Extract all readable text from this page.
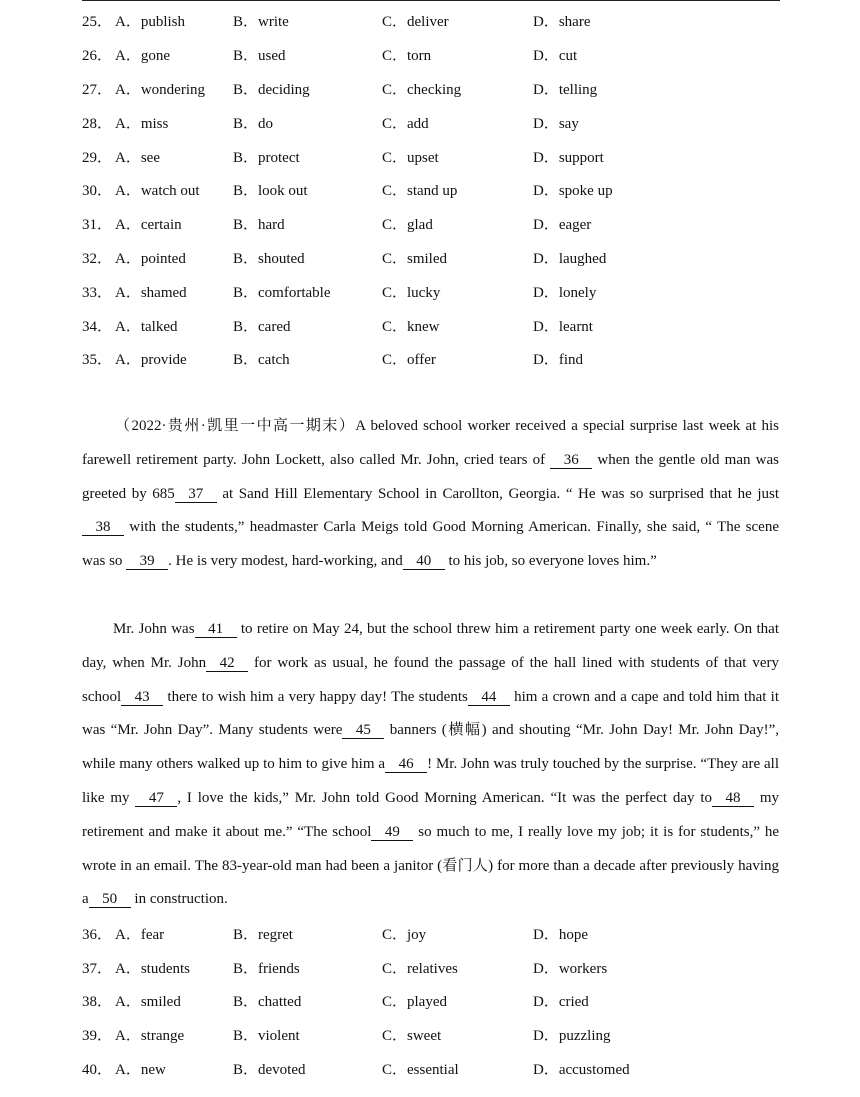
25． A．publish	B．write	C．deliver	D．share
26． A．gone	B．used	C．torn	D．cut
27． A．wondering B．deciding	C．checking	D．telling
28． A．miss	B．do	C．add	D．say
29． A．see	B．protect	C．upset	D．support
30． A．watch out B．look out	C．stand up	D．spoke up
31． A．certain	B．hard	C．glad	D．eager
32． A．pointed	B．shouted	C．smiled	D．laughed
33． A．shamed	B．comfortable	C．lucky	D．lonely
34． A．talked	B．cared	C．knew	D．learnt
35． A．provide	B．catch	C．offer	D．find

（2022·贵州·凯里一中高一期末）A beloved school worker received a special surprise last week at his farewell retirement party. John Lockett, also called Mr. John, cried tears of 36 when the gentle old man was greeted by 685 37 at Sand Hill Elementary School in Carollton, Georgia. “ He was so surprised that he just38 with the students,” headmaster Carla Meigs told Good Morning American. Finally, she said, “ The scene was so 39 . He is very modest, hard-working, and 40 to his job, so everyone loves him.”

Mr. John was 41 to retire on May 24, but the school threw him a retirement party one week early. On that day, when Mr. John 42 for work as usual, he found the passage of the hall lined with students of that very school 43 there to wish him a very happy day! The students 44 him a crown and a cape and told him that it was “Mr. John Day”. Many students were 45 banners (横幅) and shouting “Mr. John Day! Mr. John Day!”, while many others walked up to him to give him a 46 ! Mr. John was truly touched by the surprise. “They are all like my 47 , I love the kids,” Mr. John told Good Morning American. “It was the perfect day to 48 my retirement and make it about me.” “The school 49 so much to me, I really love my job; it is for students,” he wrote in an email. The 83-year-old man had been a janitor (看门人) for more than a decade after previously having a 50 in construction.

36． A．fear	B．regret	C．joy	D．hope
37． A．students	B．friends	C．relatives	D．workers
38． A．smiled	B．chatted	C．played	D．cried
39． A．strange	B．violent	C．sweet	D．puzzling
40． A．new	B．devoted	C．essential	D．accustomed
